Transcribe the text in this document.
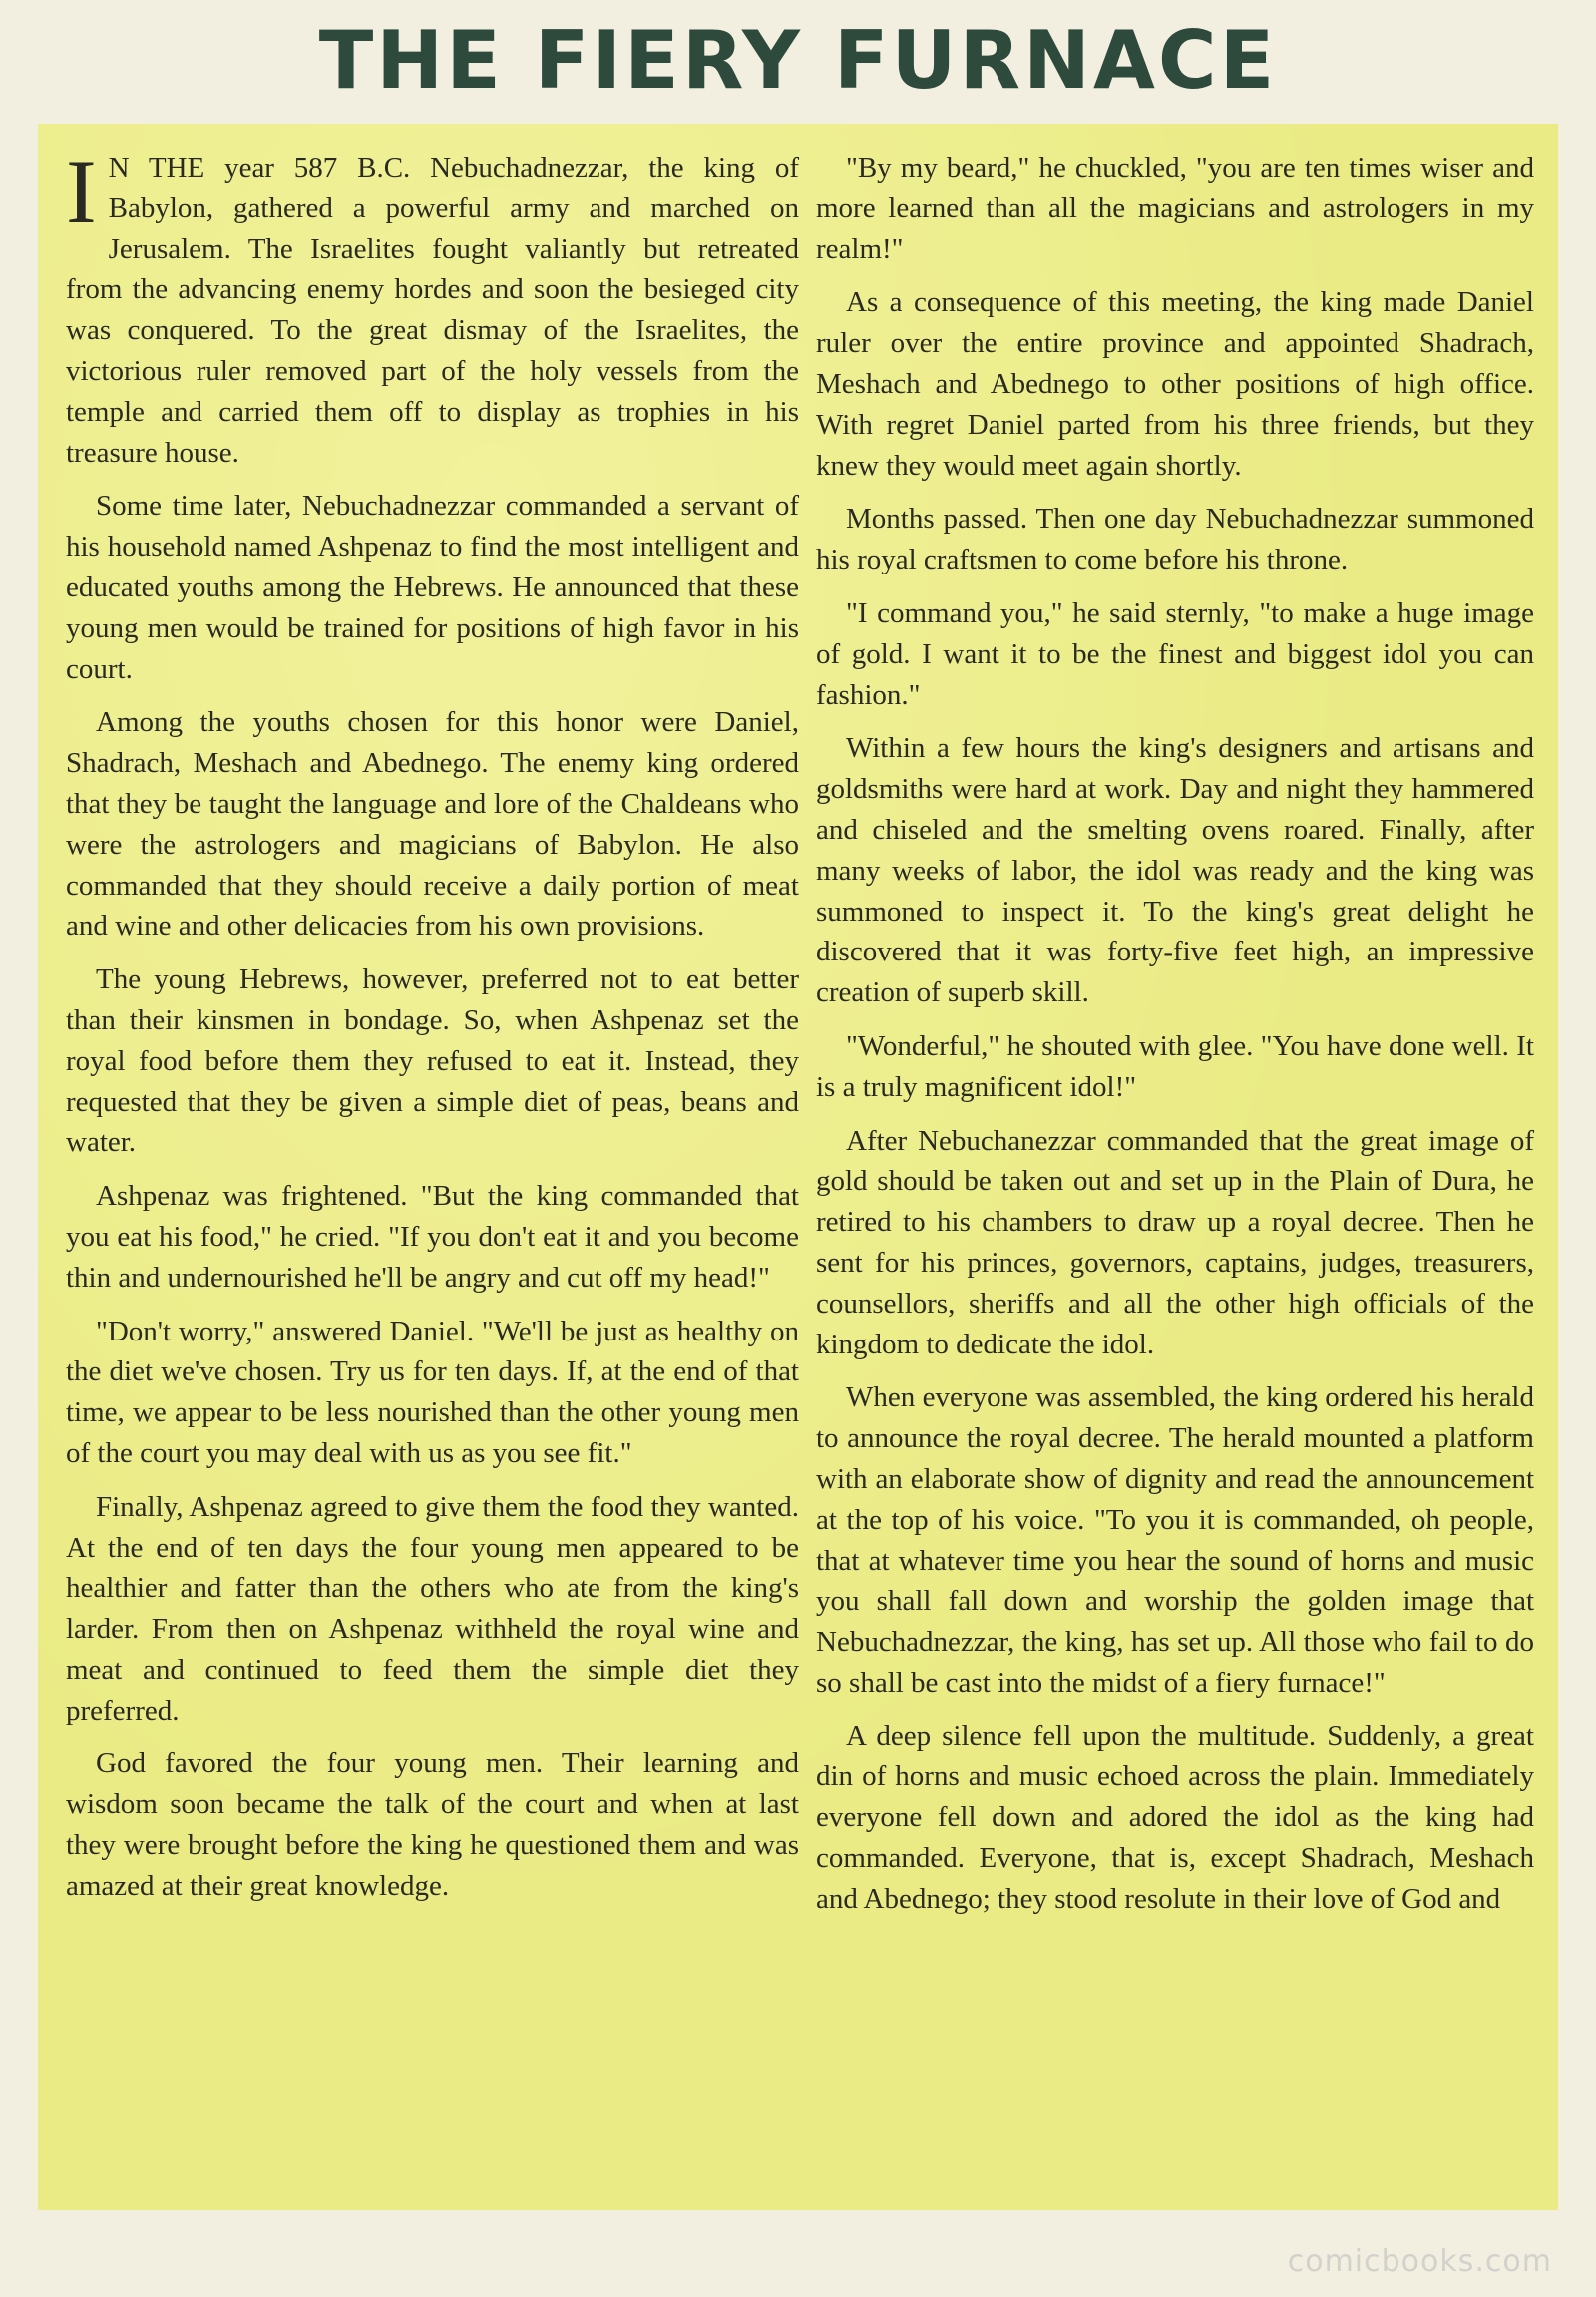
THE FIERY FURNACE

I N THE year 587 B.C. Nebuchadnezzar, the king of Babylon, gathered a powerful army and marched on Jerusalem. The Israelites fought valiantly but retreated from the advancing enemy hordes and soon the besieged city was conquered. To the great dismay of the Israelites, the victorious ruler removed part of the holy vessels from the temple and carried them off to display as trophies in his treasure house.

Some time later, Nebuchadnezzar commanded a servant of his household named Ashpenaz to find the most intelligent and educated youths among the Hebrews. He announced that these young men would be trained for positions of high favor in his court.

Among the youths chosen for this honor were Daniel, Shadrach, Meshach and Abednego. The enemy king ordered that they be taught the language and lore of the Chaldeans who were the astrologers and magicians of Babylon. He also commanded that they should receive a daily portion of meat and wine and other delicacies from his own provisions.

The young Hebrews, however, preferred not to eat better than their kinsmen in bondage. So, when Ashpenaz set the royal food before them they refused to eat it. Instead, they requested that they be given a simple diet of peas, beans and water.

Ashpenaz was frightened. "But the king commanded that you eat his food," he cried. "If you don't eat it and you become thin and undernourished he'll be angry and cut off my head!"

"Don't worry," answered Daniel. "We'll be just as healthy on the diet we've chosen. Try us for ten days. If, at the end of that time, we appear to be less nourished than the other young men of the court you may deal with us as you see fit."

Finally, Ashpenaz agreed to give them the food they wanted. At the end of ten days the four young men appeared to be healthier and fatter than the others who ate from the king's larder. From then on Ashpenaz withheld the royal wine and meat and continued to feed them the simple diet they preferred.

God favored the four young men. Their learning and wisdom soon became the talk of the court and when at last they were brought before the king he questioned them and was amazed at their great knowledge.

"By my beard," he chuckled, "you are ten times wiser and more learned than all the magicians and astrologers in my realm!"

As a consequence of this meeting, the king made Daniel ruler over the entire province and appointed Shadrach, Meshach and Abednego to other positions of high office. With regret Daniel parted from his three friends, but they knew they would meet again shortly.

Months passed. Then one day Nebuchadnezzar summoned his royal craftsmen to come before his throne.

"I command you," he said sternly, "to make a huge image of gold. I want it to be the finest and biggest idol you can fashion."

Within a few hours the king's designers and artisans and goldsmiths were hard at work. Day and night they hammered and chiseled and the smelting ovens roared. Finally, after many weeks of labor, the idol was ready and the king was summoned to inspect it. To the king's great delight he discovered that it was forty-five feet high, an impressive creation of superb skill.

"Wonderful," he shouted with glee. "You have done well. It is a truly magnificent idol!"

After Nebuchanezzar commanded that the great image of gold should be taken out and set up in the Plain of Dura, he retired to his chambers to draw up a royal decree. Then he sent for his princes, governors, captains, judges, treasurers, counsellors, sheriffs and all the other high officials of the kingdom to dedicate the idol.

When everyone was assembled, the king ordered his herald to announce the royal decree. The herald mounted a platform with an elaborate show of dignity and read the announcement at the top of his voice. "To you it is commanded, oh people, that at whatever time you hear the sound of horns and music you shall fall down and worship the golden image that Nebuchadnezzar, the king, has set up. All those who fail to do so shall be cast into the midst of a fiery furnace!"

A deep silence fell upon the multitude. Suddenly, a great din of horns and music echoed across the plain. Immediately everyone fell down and adored the idol as the king had commanded. Everyone, that is, except Shadrach, Meshach and Abednego; they stood resolute in their love of God and

comicbooks.com
